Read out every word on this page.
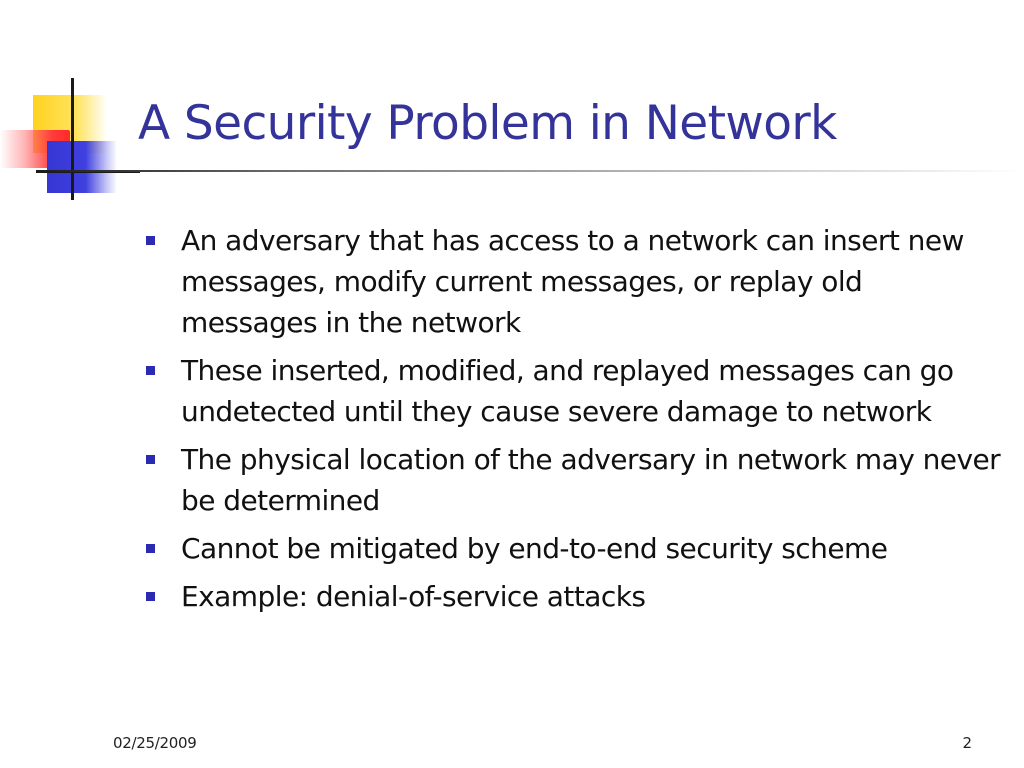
A Security Problem in Network
An adversary that has access to a network can insert new messages, modify current messages, or replay old messages in the network
These inserted, modified, and replayed messages can go undetected until they cause severe damage to network
The physical location of the adversary in network may never be determined
Cannot be mitigated by end-to-end security scheme
Example: denial-of-service attacks
02/25/2009	2
